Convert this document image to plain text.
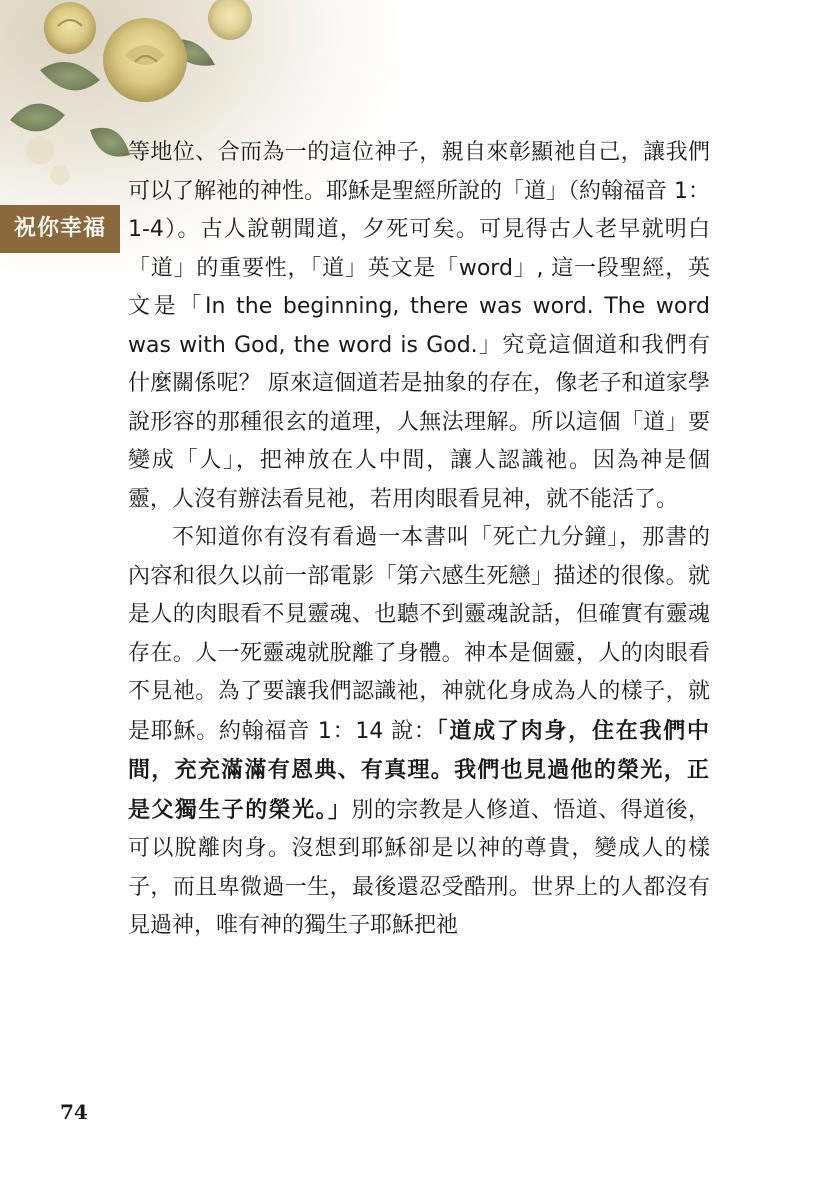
祝你幸福

等地位、合而為一的這位神子，親自來彰顯祂自己，讓我們可以了解祂的神性。耶穌是聖經所說的「道」（約翰福音 1：1-4）。古人說朝聞道，夕死可矣。可見得古人老早就明白「道」的重要性，「道」英文是「word」, 這一段聖經，英文是「In the beginning, there was word. The word was with God, the word is God.」究竟這個道和我們有什麼關係呢？ 原來這個道若是抽象的存在，像老子和道家學說形容的那種很玄的道理，人無法理解。所以這個「道」要變成「人」，把神放在人中間，讓人認識祂。因為神是個靈，人沒有辦法看見祂，若用肉眼看見神，就不能活了。

不知道你有沒有看過一本書叫「死亡九分鐘」，那書的內容和很久以前一部電影「第六感生死戀」描述的很像。就是人的肉眼看不見靈魂、也聽不到靈魂說話，但確實有靈魂存在。人一死靈魂就脫離了身體。神本是個靈，人的肉眼看不見祂。為了要讓我們認識祂，神就化身成為人的樣子，就是耶穌。約翰福音 1：14 說：「道成了肉身，住在我們中間，充充滿滿有恩典、有真理。我們也見過他的榮光，正是父獨生子的榮光。」別的宗教是人修道、悟道、得道後，可以脫離肉身。沒想到耶穌卻是以神的尊貴，變成人的樣子，而且卑微過一生，最後還忍受酷刑。世界上的人都沒有見過神，唯有神的獨生子耶穌把祂

74
